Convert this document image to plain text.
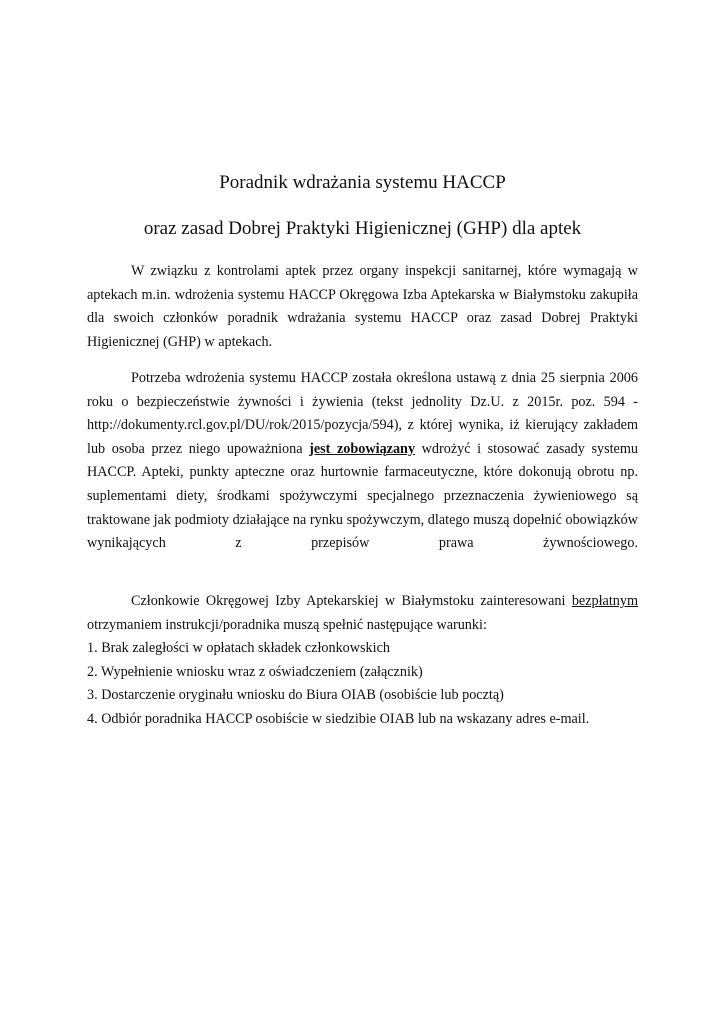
Poradnik wdrażania systemu HACCP
oraz zasad Dobrej Praktyki Higienicznej (GHP) dla aptek

W związku z kontrolami aptek przez organy inspekcji sanitarnej, które wymagają w aptekach m.in. wdrożenia systemu HACCP Okręgowa Izba Aptekarska w Białymstoku zakupiła dla swoich członków poradnik wdrażania systemu HACCP oraz zasad Dobrej Praktyki Higienicznej (GHP) w aptekach.

Potrzeba wdrożenia systemu HACCP została określona ustawą z dnia 25 sierpnia 2006 roku o bezpieczeństwie żywności i żywienia (tekst jednolity Dz.U. z 2015r. poz. 594 - http://dokumenty.rcl.gov.pl/DU/rok/2015/pozycja/594), z której wynika, iż kierujący zakładem lub osoba przez niego upoważniona jest zobowiązany wdrożyć i stosować zasady systemu HACCP. Apteki, punkty apteczne oraz hurtownie farmaceutyczne, które dokonują obrotu np. suplementami diety, środkami spożywczymi specjalnego przeznaczenia żywieniowego są traktowane jak podmioty działające na rynku spożywczym, dlatego muszą dopełnić obowiązków wynikających z przepisów prawa żywnościowego.

Członkowie Okręgowej Izby Aptekarskiej w Białymstoku zainteresowani bezpłatnym otrzymaniem instrukcji/poradnika muszą spełnić następujące warunki:

1. Brak zaległości w opłatach składek członkowskich
2. Wypełnienie wniosku wraz z oświadczeniem (załącznik)
3. Dostarczenie oryginału wniosku do Biura OIAB (osobiście lub pocztą)
4. Odbiór poradnika HACCP osobiście w siedzibie OIAB lub na wskazany adres e-mail.
